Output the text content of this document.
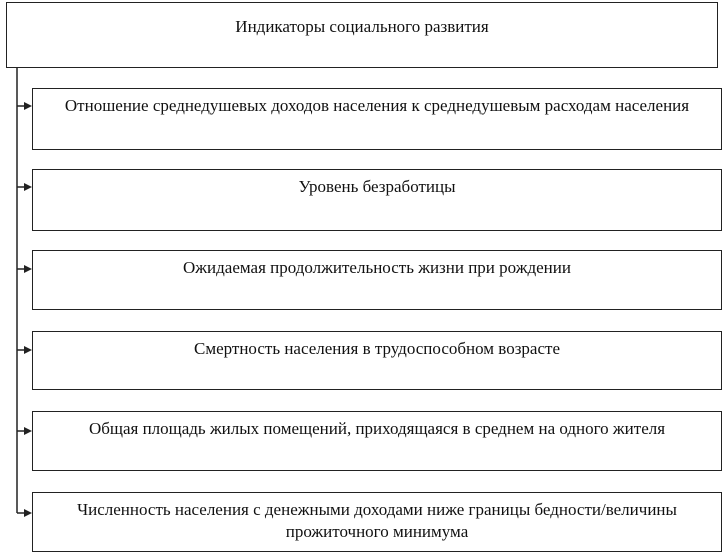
Индикаторы социального развития
Отношение среднедушевых доходов населения к среднедушевым расходам населения
Уровень безработицы
Ожидаемая продолжительность жизни при рождении
Смертность населения в трудоспособном возрасте
Общая площадь жилых помещений, приходящаяся в среднем на одного жителя
Численность населения с денежными доходами ниже границы бедности/величины прожиточного минимума
